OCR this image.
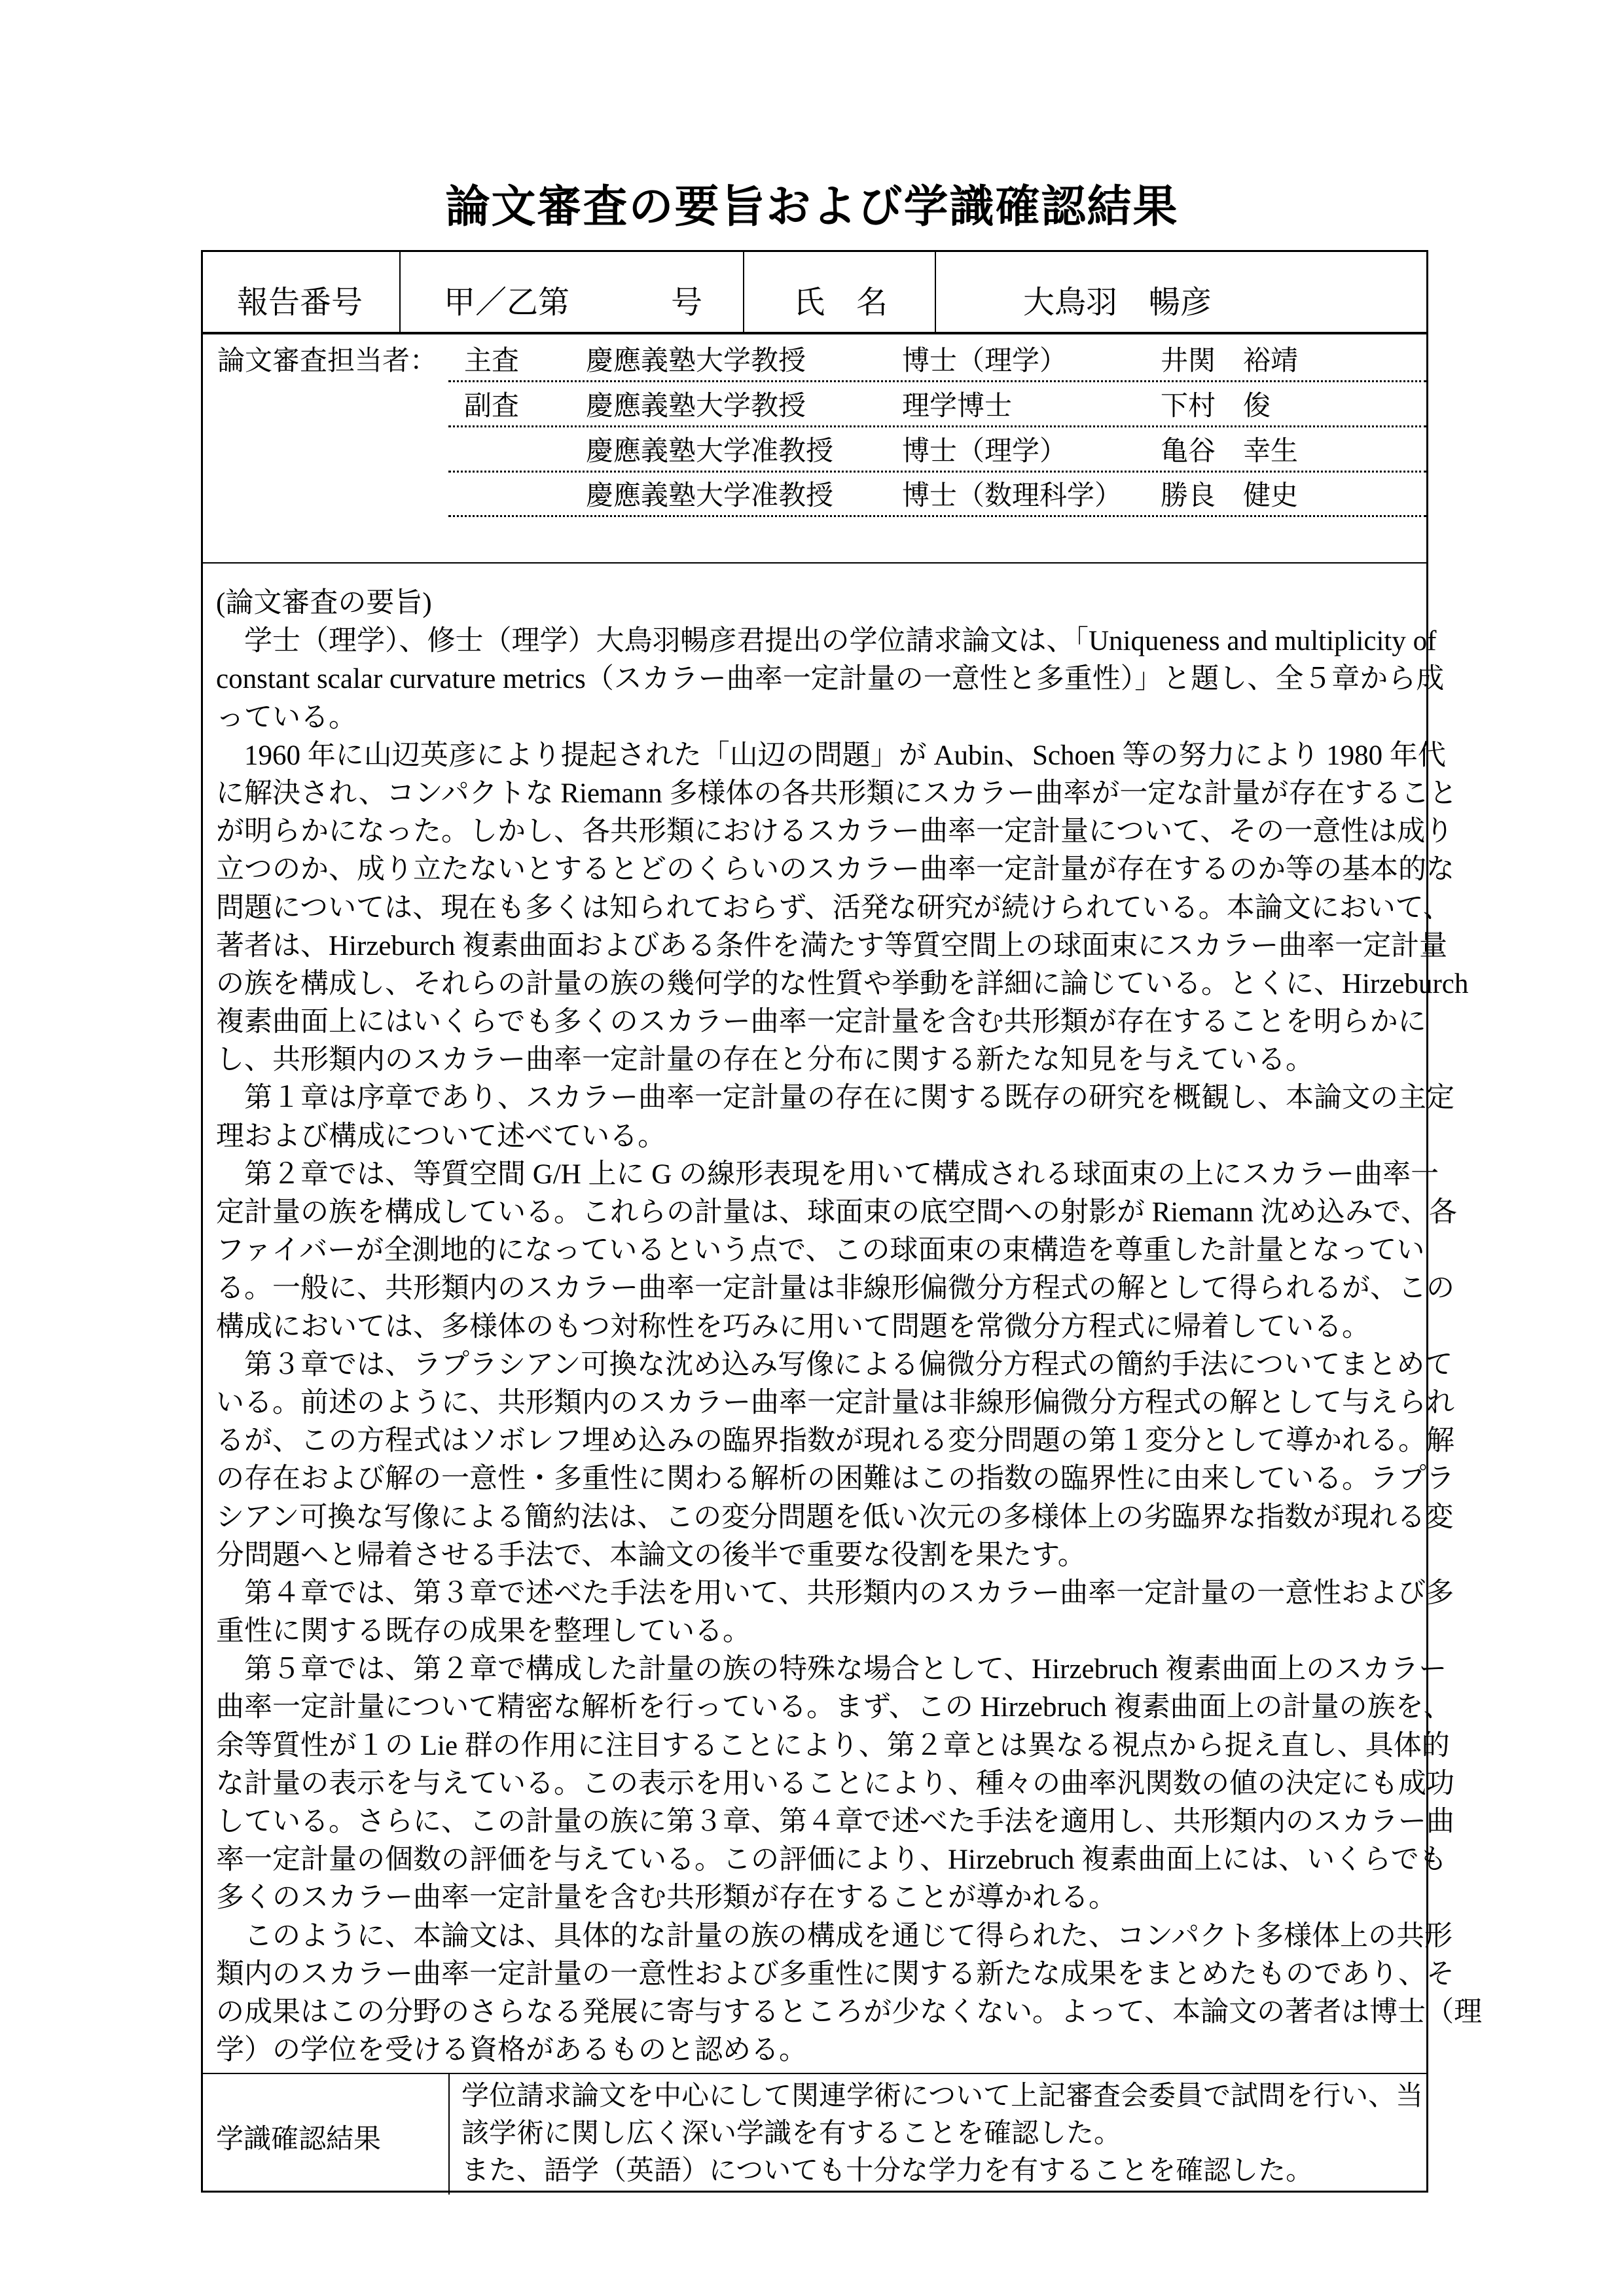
論文審査の要旨および学識確認結果
報告番号	甲／乙第	号	氏　名	大鳥羽　暢彦
論文審査担当者： 主査 慶應義塾大学教授	博士（理学）	井関　裕靖
副査 慶應義塾大学教授	理学博士	下村　俊
慶應義塾大学准教授 博士（理学）	亀谷　幸生
慶應義塾大学准教授 博士（数理科学） 勝良　健史
(論文審査の要旨)
　学士（理学）、修士（理学）大鳥羽暢彦君提出の学位請求論文は、「Uniqueness and multiplicity of
constant scalar curvature metrics（スカラー曲率一定計量の一意性と多重性）」と題し、全５章から成
っている。
　1960 年に山辺英彦により提起された「山辺の問題」が Aubin、Schoen 等の努力により 1980 年代
に解決され、コンパクトな Riemann 多様体の各共形類にスカラー曲率が一定な計量が存在すること
が明らかになった。しかし、各共形類におけるスカラー曲率一定計量について、その一意性は成り
立つのか、成り立たないとするとどのくらいのスカラー曲率一定計量が存在するのか等の基本的な
問題については、現在も多くは知られておらず、活発な研究が続けられている。本論文において、
著者は、Hirzeburch 複素曲面およびある条件を満たす等質空間上の球面束にスカラー曲率一定計量
の族を構成し、それらの計量の族の幾何学的な性質や挙動を詳細に論じている。とくに、Hirzeburch
複素曲面上にはいくらでも多くのスカラー曲率一定計量を含む共形類が存在することを明らかに
し、共形類内のスカラー曲率一定計量の存在と分布に関する新たな知見を与えている。
　第１章は序章であり、スカラー曲率一定計量の存在に関する既存の研究を概観し、本論文の主定
理および構成について述べている。
　第２章では、等質空間 G/H 上に G の線形表現を用いて構成される球面束の上にスカラー曲率一
定計量の族を構成している。これらの計量は、球面束の底空間への射影が Riemann 沈め込みで、各
ファイバーが全測地的になっているという点で、この球面束の束構造を尊重した計量となってい
る。一般に、共形類内のスカラー曲率一定計量は非線形偏微分方程式の解として得られるが、この
構成においては、多様体のもつ対称性を巧みに用いて問題を常微分方程式に帰着している。
　第３章では、ラプラシアン可換な沈め込み写像による偏微分方程式の簡約手法についてまとめて
いる。前述のように、共形類内のスカラー曲率一定計量は非線形偏微分方程式の解として与えられ
るが、この方程式はソボレフ埋め込みの臨界指数が現れる変分問題の第１変分として導かれる。解
の存在および解の一意性・多重性に関わる解析の困難はこの指数の臨界性に由来している。ラプラ
シアン可換な写像による簡約法は、この変分問題を低い次元の多様体上の劣臨界な指数が現れる変
分問題へと帰着させる手法で、本論文の後半で重要な役割を果たす。
　第４章では、第３章で述べた手法を用いて、共形類内のスカラー曲率一定計量の一意性および多
重性に関する既存の成果を整理している。
　第５章では、第２章で構成した計量の族の特殊な場合として、Hirzebruch 複素曲面上のスカラー
曲率一定計量について精密な解析を行っている。まず、この Hirzebruch 複素曲面上の計量の族を、
余等質性が１の Lie 群の作用に注目することにより、第２章とは異なる視点から捉え直し、具体的
な計量の表示を与えている。この表示を用いることにより、種々の曲率汎関数の値の決定にも成功
している。さらに、この計量の族に第３章、第４章で述べた手法を適用し、共形類内のスカラー曲
率一定計量の個数の評価を与えている。この評価により、Hirzebruch 複素曲面上には、いくらでも
多くのスカラー曲率一定計量を含む共形類が存在することが導かれる。
　このように、本論文は、具体的な計量の族の構成を通じて得られた、コンパクト多様体上の共形
類内のスカラー曲率一定計量の一意性および多重性に関する新たな成果をまとめたものであり、そ
の成果はこの分野のさらなる発展に寄与するところが少なくない。よって、本論文の著者は博士（理
学）の学位を受ける資格があるものと認める。
学識確認結果
学位請求論文を中心にして関連学術について上記審査会委員で試問を行い、当
該学術に関し広く深い学識を有することを確認した。
また、語学（英語）についても十分な学力を有することを確認した。
